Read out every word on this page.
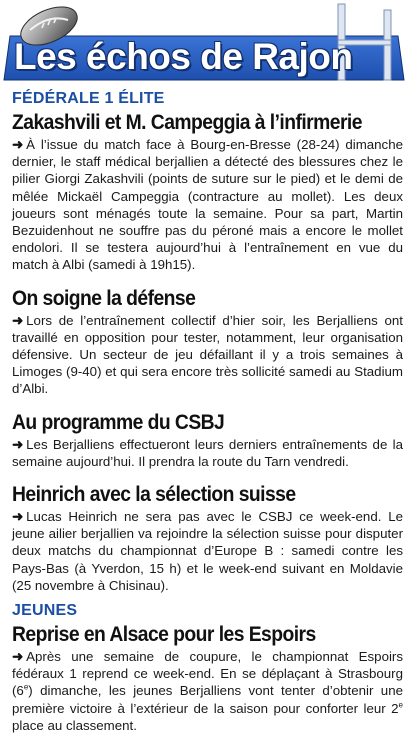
Les échos de Rajon
FÉDÉRALE 1 ÉLITE
Zakashvili et M. Campeggia à l’infirmerie

➜ À l’issue du match face à Bourg-en-Bresse (28-24) dimanche dernier, le staff médical berjallien a détecté des blessures chez le pilier Giorgi Zakashvili (points de suture sur le pied) et le demi de mêlée Mickaël Campeggia (contracture au mollet). Les deux joueurs sont ménagés toute la semaine. Pour sa part, Martin Bezuidenhout ne souffre pas du péroné mais a encore le mollet endolori. Il se testera aujourd’hui à l’entraînement en vue du match à Albi (samedi à 19h15).

On soigne la défense

➜ Lors de l’entraînement collectif d’hier soir, les Berjalliens ont travaillé en opposition pour tester, notamment, leur organisation défensive. Un secteur de jeu défaillant il y a trois semaines à Limoges (9-40) et qui sera encore très sollicité samedi au Stadium d’Albi.

Au programme du CSBJ

➜ Les Berjalliens effectueront leurs derniers entraînements de la semaine aujourd’hui. Il prendra la route du Tarn vendredi.

Heinrich avec la sélection suisse

➜ Lucas Heinrich ne sera pas avec le CSBJ ce week-end. Le jeune ailier berjallien va rejoindre la sélection suisse pour disputer deux matchs du championnat d’Europe B : samedi contre les Pays-Bas (à Yverdon, 15 h) et le week-end suivant en Moldavie (25 novembre à Chisinau).

JEUNES
Reprise en Alsace pour les Espoirs

➜ Après une semaine de coupure, le championnat Espoirs fédéraux 1 reprend ce week-end. En se déplaçant à Strasbourg (6e) dimanche, les jeunes Berjalliens vont tenter d’obtenir une première victoire à l’extérieur de la saison pour conforter leur 2e place au classement.
